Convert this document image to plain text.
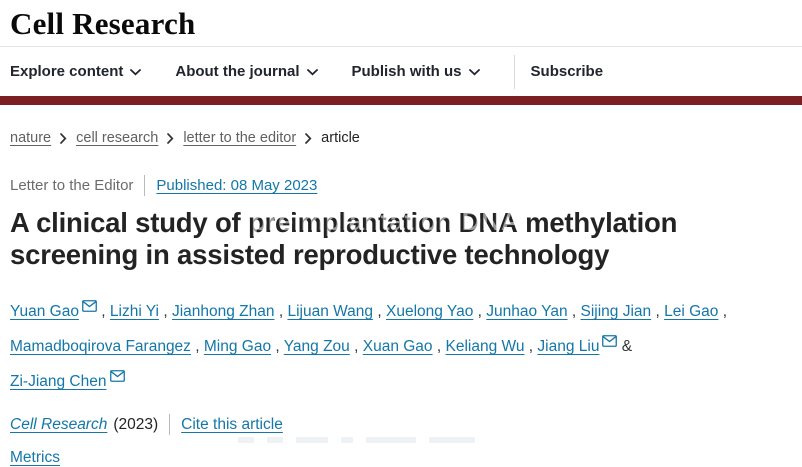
Cell Research
Explore content	About the journal	Publish with us	Subscribe
nature cell research letter to the editor article
Letter to the Editor Published: 08 May 2023
A clinical study of preimplantation DNA preimplantation DNA methylation screening in assisted reproductive technology

Yuan Gao , Lizhi Yi , Jianhong Zhan , Lijuan Wang , Xuelong Yao , Junhao Yan , Sijing Jian , Lei Gao , Mamadboqirova Farangez , Ming Gao , Yang Zou , Xuan Gao , Keliang Wu , Jiang Liu & Zi-Jiang Chen

Cell Research (2023) Cite this article
Metrics
